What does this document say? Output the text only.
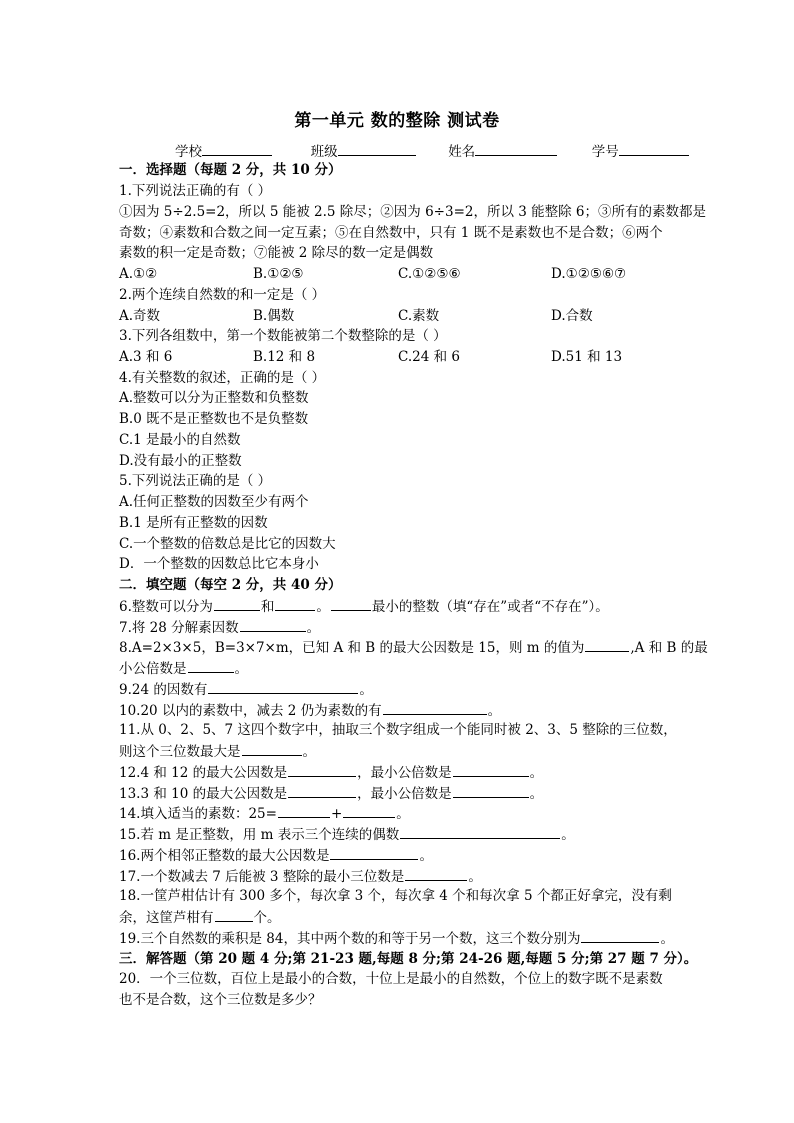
第一单元 数的整除 测试卷
学校	班级	姓名	学号
一．选择题（每题 2 分，共 10 分）
1.下列说法正确的有（ ）
①因为 5÷2.5=2，所以 5 能被 2.5 除尽；②因为 6÷3=2，所以 3 能整除 6；③所有的素数都是
奇数；④素数和合数之间一定互素；⑤在自然数中，只有 1 既不是素数也不是合数；⑥两个
素数的积一定是奇数；⑦能被 2 除尽的数一定是偶数
A.①②	B.①②⑤	C.①②⑤⑥	D.①②⑤⑥⑦
2.两个连续自然数的和一定是（ ）
A.奇数	B.偶数	C.素数	D.合数
3.下列各组数中，第一个数能被第二个数整除的是（ ）
A.3 和 6	B.12 和 8	C.24 和 6	D.51 和 13
4.有关整数的叙述，正确的是（ ）
A.整数可以分为正整数和负整数
B.0 既不是正整数也不是负整数
C.1 是最小的自然数
D.没有最小的正整数
5.下列说法正确的是（ ）
A.任何正整数的因数至少有两个
B.1 是所有正整数的因数
C.一个整数的倍数总是比它的因数大
D．一个整数的因数总比它本身小
二．填空题（每空 2 分，共 40 分）
6.整数可以分为	和	。	最小的整数（填“存在”或者“不存在”）。
7.将 28 分解素因数	。
8.A=2×3×5，B=3×7×m，已知 A 和 B 的最大公因数是 15，则 m 的值为	,A 和 B 的最
小公倍数是	。
9.24 的因数有	。
10.20 以内的素数中，减去 2 仍为素数的有	。
11.从 0、2、5、7 这四个数字中，抽取三个数字组成一个能同时被 2、3、5 整除的三位数，
则这个三位数最大是	。
12.4 和 12 的最大公因数是	，最小公倍数是	。
13.3 和 10 的最大公因数是	，最小公倍数是	。
14.填入适当的素数：25=	+	。
15.若 m 是正整数，用 m 表示三个连续的偶数	。
16.两个相邻正整数的最大公因数是	。
17.一个数减去 7 后能被 3 整除的最小三位数是	。
18.一筐芦柑估计有 300 多个，每次拿 3 个，每次拿 4 个和每次拿 5 个都正好拿完，没有剩
余，这筐芦柑有	个。
19.三个自然数的乘积是 84，其中两个数的和等于另一个数，这三个数分别为	。
三．解答题（第 20 题 4 分;第 21-23 题,每题 8 分;第 24-26 题,每题 5 分;第 27 题 7 分）。
20．一个三位数，百位上是最小的合数，十位上是最小的自然数，个位上的数字既不是素数
也不是合数，这个三位数是多少？
